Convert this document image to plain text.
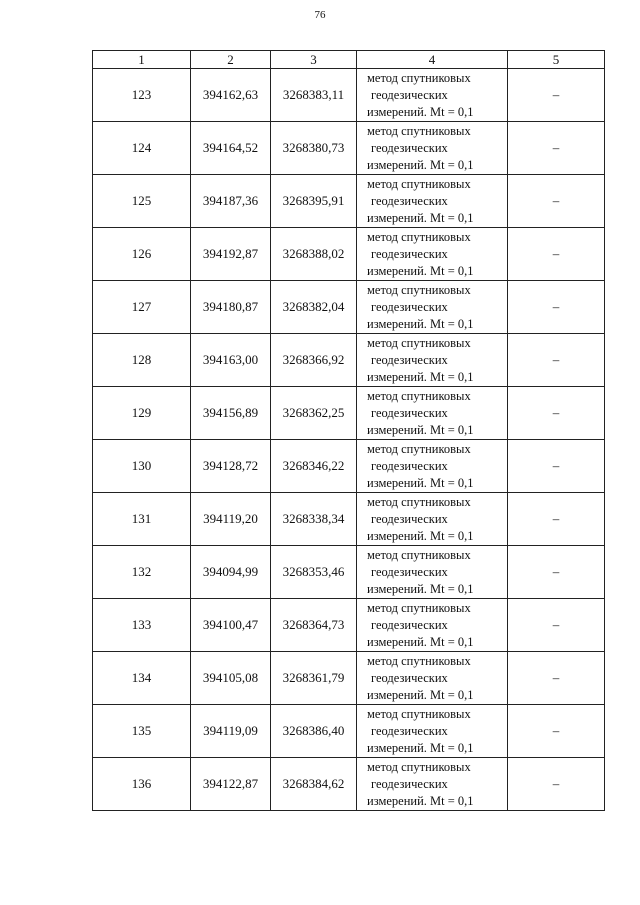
76
1	2	3	4	5
123	394162,63	3268383,11	метод спутниковых
геодезических
измерений. Mt = 0,1	–
124	394164,52	3268380,73	метод спутниковых
геодезических
измерений. Mt = 0,1	–
125	394187,36	3268395,91	метод спутниковых
геодезических
измерений. Mt = 0,1	–
126	394192,87	3268388,02	метод спутниковых
геодезических
измерений. Mt = 0,1	–
127	394180,87	3268382,04	метод спутниковых
геодезических
измерений. Mt = 0,1	–
128	394163,00	3268366,92	метод спутниковых
геодезических
измерений. Mt = 0,1	–
129	394156,89	3268362,25	метод спутниковых
геодезических
измерений. Mt = 0,1	–
130	394128,72	3268346,22	метод спутниковых
геодезических
измерений. Mt = 0,1	–
131	394119,20	3268338,34	метод спутниковых
геодезических
измерений. Mt = 0,1	–
132	394094,99	3268353,46	метод спутниковых
геодезических
измерений. Mt = 0,1	–
133	394100,47	3268364,73	метод спутниковых
геодезических
измерений. Mt = 0,1	–
134	394105,08	3268361,79	метод спутниковых
геодезических
измерений. Mt = 0,1	–
135	394119,09	3268386,40	метод спутниковых
геодезических
измерений. Mt = 0,1	–
136	394122,87	3268384,62	метод спутниковых
геодезических
измерений. Mt = 0,1	–
